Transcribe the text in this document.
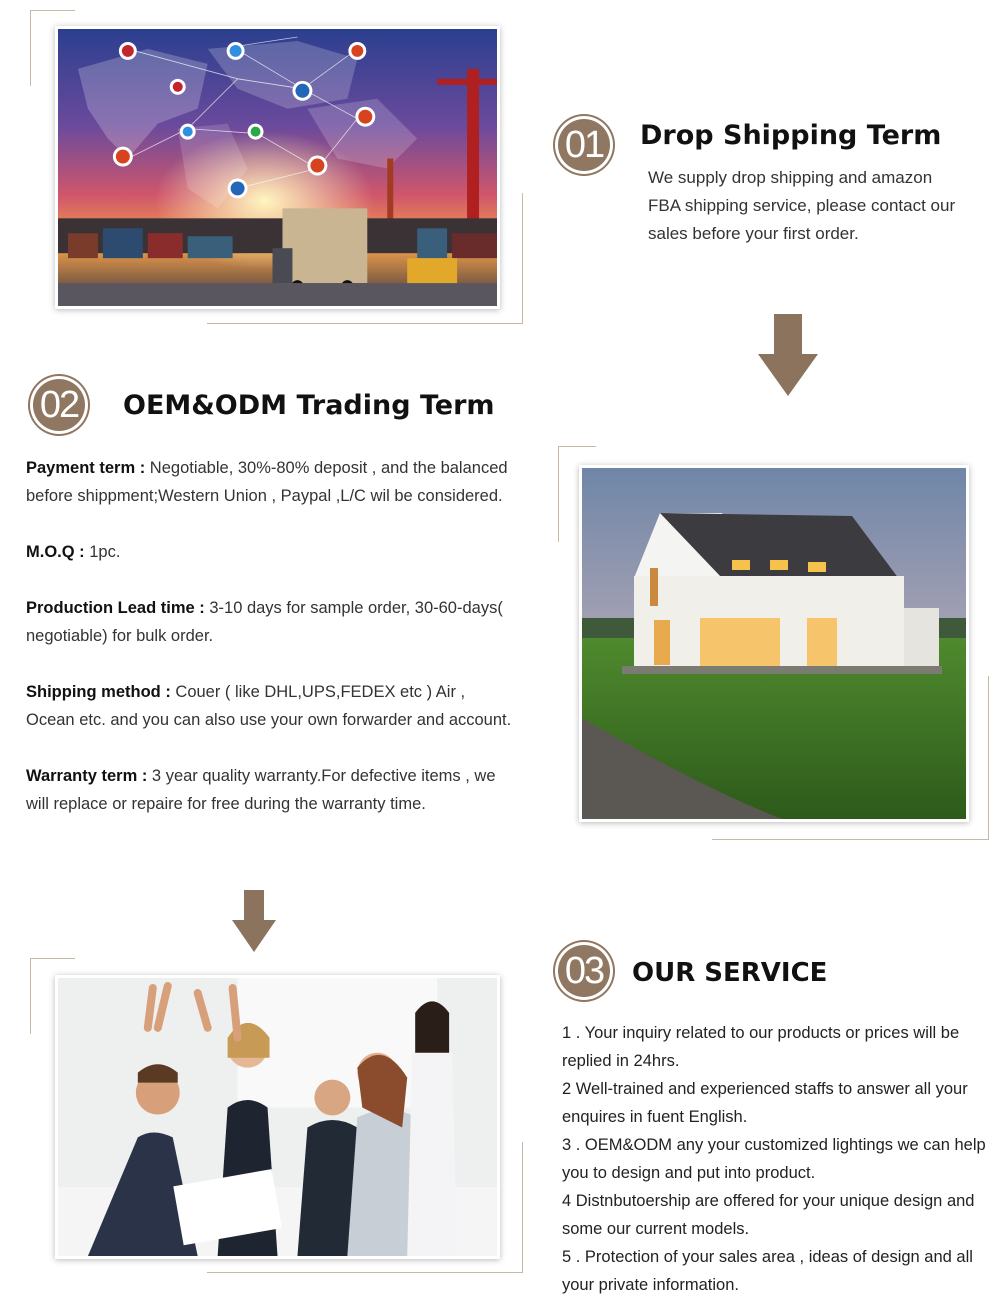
01	Drop Shipping Term
We supply drop shipping and amazon FBA shipping service, please contact our sales before your first order.
02	OEM&ODM Trading Term
Payment term : Negotiable, 30%-80% deposit , and the balanced before shippment;Western Union , Paypal ,L/C wil be considered.
M.O.Q : 1pc.
Production Lead time : 3-10 days for sample order, 30-60-days( negotiable) for bulk order.
Shipping method : Couer ( like DHL,UPS,FEDEX etc ) Air , Ocean etc. and you can also use your own forwarder and account.
Warranty term : 3 year quality warranty.For defective items , we will replace or repaire for free during the warranty time.
03	OUR SERVICE
1 . Your inquiry related to our products or prices will be replied in 24hrs.
2 Well-trained and experienced staffs to answer all your enquires in fuent English.
3 . OEM&ODM any your customized lightings we can help you to design and put into product.
4 Distnbutoership are offered for your unique design and some our current models.
5 . Protection of your sales area , ideas of design and all your private information.
